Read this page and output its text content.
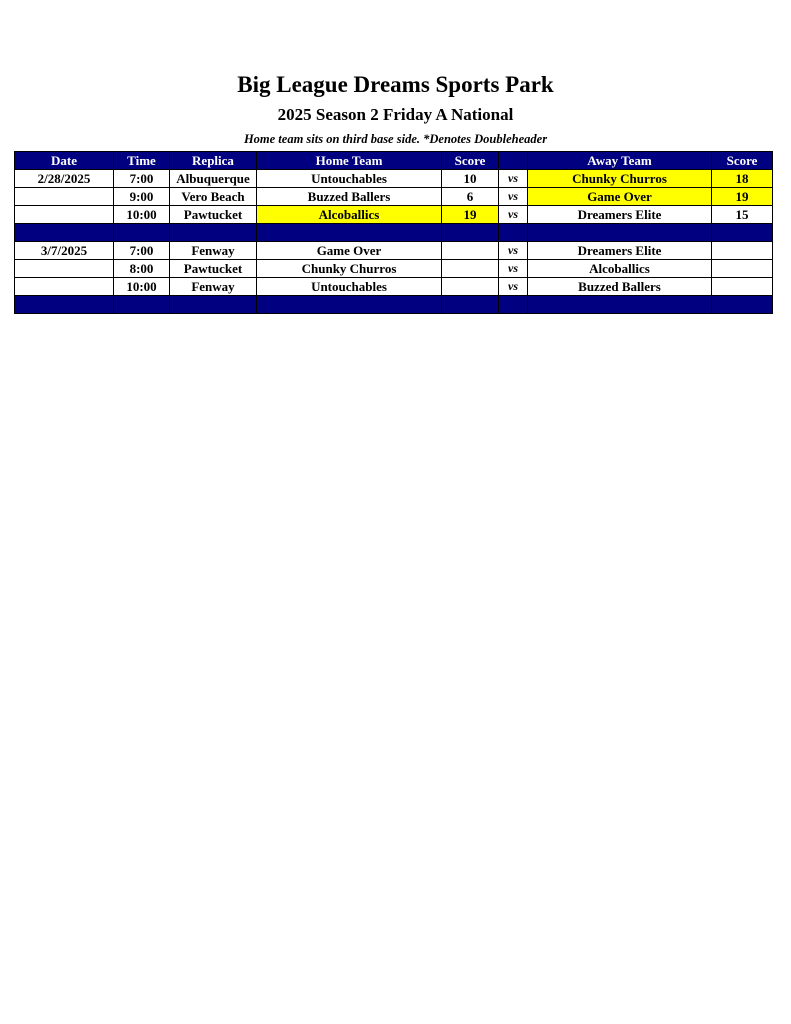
Big League Dreams Sports Park
2025 Season 2 Friday A National
Home team sits on third base side. *Denotes Doubleheader
Date	Time	Replica	Home Team	Score		Away Team	Score
2/28/2025	7:00	Albuquerque	Untouchables	10	vs	Chunky Churros	18
	9:00	Vero Beach	Buzzed Ballers	6	vs	Game Over	19
	10:00	Pawtucket	Alcoballics	19	vs	Dreamers Elite	15

3/7/2025	7:00	Fenway	Game Over		vs	Dreamers Elite	
	8:00	Pawtucket	Chunky Churros		vs	Alcoballics	
	10:00	Fenway	Untouchables		vs	Buzzed Ballers	
